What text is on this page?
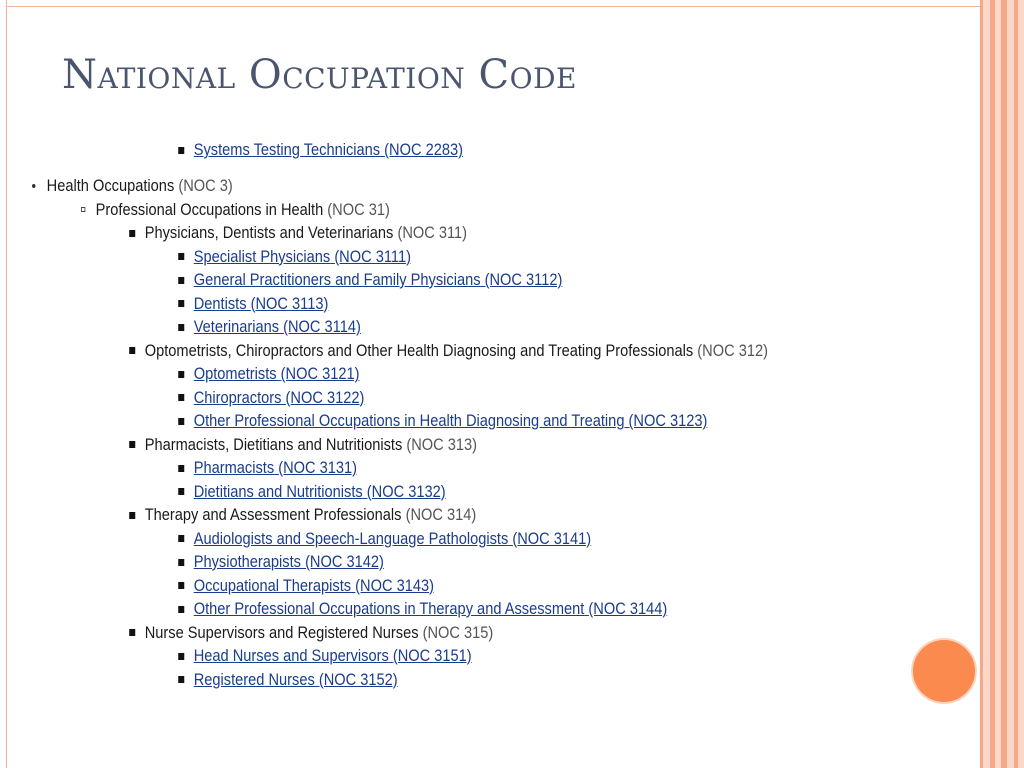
National Occupation Code
Systems Testing Technicians (NOC 2283)
Health Occupations (NOC 3)
Professional Occupations in Health (NOC 31)
Physicians, Dentists and Veterinarians (NOC 311)
Specialist Physicians (NOC 3111)
General Practitioners and Family Physicians (NOC 3112)
Dentists (NOC 3113)
Veterinarians (NOC 3114)
Optometrists, Chiropractors and Other Health Diagnosing and Treating Professionals (NOC 312)
Optometrists (NOC 3121)
Chiropractors (NOC 3122)
Other Professional Occupations in Health Diagnosing and Treating (NOC 3123)
Pharmacists, Dietitians and Nutritionists (NOC 313)
Pharmacists (NOC 3131)
Dietitians and Nutritionists (NOC 3132)
Therapy and Assessment Professionals (NOC 314)
Audiologists and Speech-Language Pathologists (NOC 3141)
Physiotherapists (NOC 3142)
Occupational Therapists (NOC 3143)
Other Professional Occupations in Therapy and Assessment (NOC 3144)
Nurse Supervisors and Registered Nurses (NOC 315)
Head Nurses and Supervisors (NOC 3151)
Registered Nurses (NOC 3152)
